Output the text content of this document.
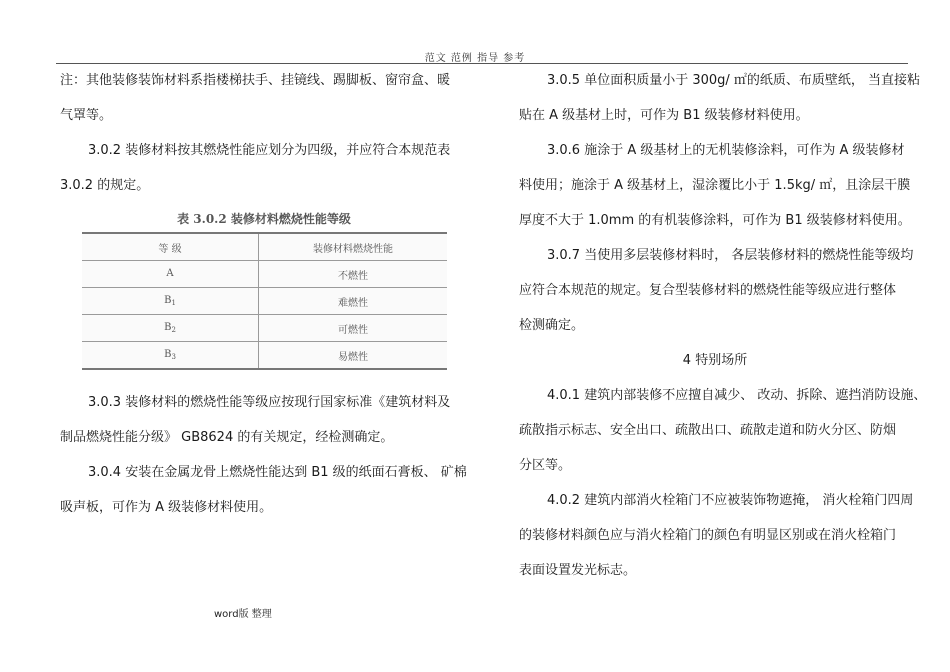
范文 范例 指导 参考
注：其他装修装饰材料系指楼梯扶手、挂镜线、踢脚板、窗帘盒、暖
气罩等。
3.0.2 装修材料按其燃烧性能应划分为四级，并应符合本规范表
3.0.2 的规定。
表 3.0.2 装修材料燃烧性能等级
等 级	装修材料燃烧性能
A	不燃性
$B_1$	难燃性
$B_2$	可燃性
$B_3$	易燃性
3.0.3 装修材料的燃烧性能等级应按现行国家标准《建筑材料及
制品燃烧性能分级》 GB8624 的有关规定，经检测确定。
3.0.4 安装在金属龙骨上燃烧性能达到 B1 级的纸面石膏板、 矿棉
吸声板，可作为 A 级装修材料使用。
3.0.5 单位面积质量小于 300g/ ㎡的纸质、布质壁纸， 当直接粘
贴在 A 级基材上时，可作为 B1 级装修材料使用。
3.0.6 施涂于 A 级基材上的无机装修涂料，可作为 A 级装修材
料使用；施涂于 A 级基材上，湿涂覆比小于 1.5kg/ ㎡，且涂层干膜
厚度不大于 1.0mm 的有机装修涂料，可作为 B1 级装修材料使用。
3.0.7 当使用多层装修材料时， 各层装修材料的燃烧性能等级均
应符合本规范的规定。复合型装修材料的燃烧性能等级应进行整体
检测确定。
4 特别场所
4.0.1 建筑内部装修不应擅自减少、 改动、拆除、遮挡消防设施、
疏散指示标志、安全出口、疏散出口、疏散走道和防火分区、防烟
分区等。
4.0.2 建筑内部消火栓箱门不应被装饰物遮掩， 消火栓箱门四周
的装修材料颜色应与消火栓箱门的颜色有明显区别或在消火栓箱门
表面设置发光标志。
word版 整理
